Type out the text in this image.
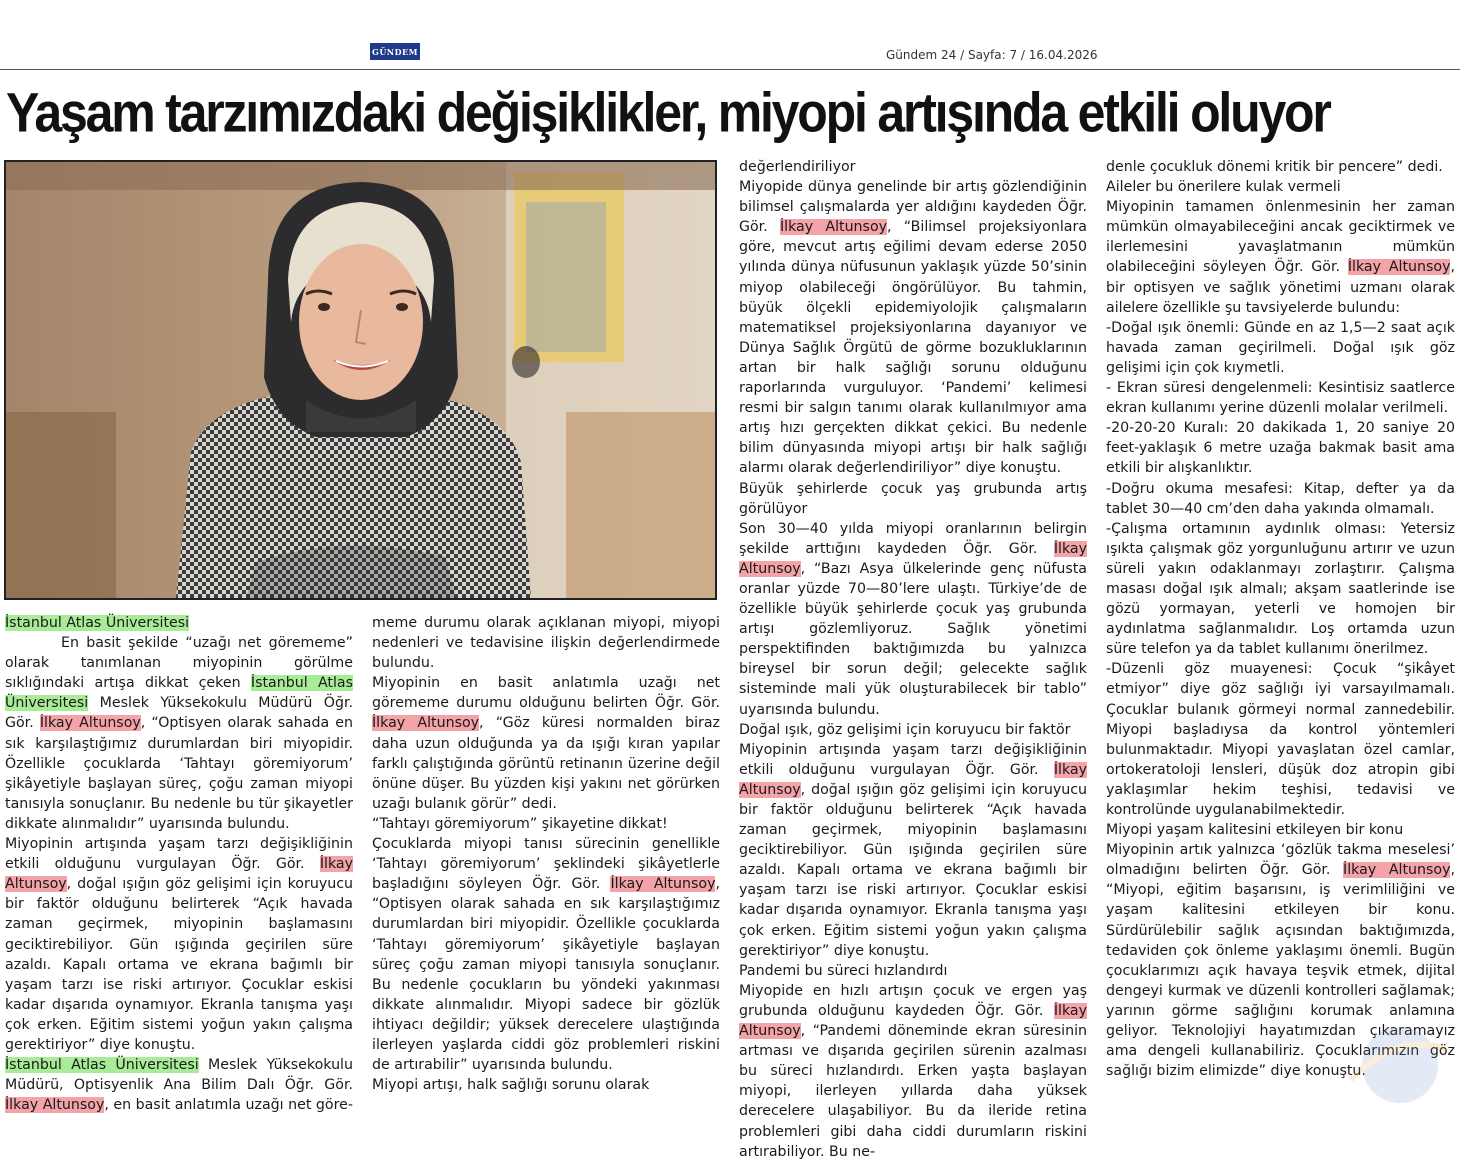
GÜNDEM	Gündem 24 / Sayfa: 7 / 16.04.2026
Yaşam tarzımızdaki değişiklikler, miyopi artışında etkili oluyor

İstanbul Atlas Üniversitesi

En basit şekilde “uzağı net görememe” olarak tanımlanan miyopinin görülme sıklığındaki artışa dikkat çeken İstanbul Atlas Üniversitesi Meslek Yüksekokulu Müdürü Öğr. Gör. İlkay Altunsoy, “Optisyen olarak sahada en sık karşılaştığımız durumlardan biri miyopidir. Özellikle çocuklarda ‘Tahtayı göremiyorum’ şikâyetiyle başlayan süreç, çoğu zaman miyopi tanısıyla sonuçlanır. Bu nedenle bu tür şikayetler dikkate alınmalıdır” uyarısında bulundu.

Miyopinin artışında yaşam tarzı değişikliğinin etkili olduğunu vurgulayan Öğr. Gör. İlkay Altunsoy, doğal ışığın göz gelişimi için koruyucu bir faktör olduğunu belirterek “Açık havada zaman geçirmek, miyopinin başlamasını geciktirebiliyor. Gün ışığında geçirilen süre azaldı. Kapalı ortama ve ekrana bağımlı bir yaşam tarzı ise riski artırıyor. Çocuklar eskisi kadar dışarıda oynamıyor. Ekranla tanışma yaşı çok erken. Eğitim sistemi yoğun yakın çalışma gerektiriyor” diye konuştu.

İstanbul Atlas Üniversitesi Meslek Yüksekokulu Müdürü, Optisyenlik Ana Bilim Dalı Öğr. Gör. İlkay Altunsoy, en basit anlatımla uzağı net göre-

meme durumu olarak açıklanan miyopi, miyopi nedenleri ve tedavisine ilişkin değerlendirmede bulundu.

Miyopinin en basit anlatımla uzağı net görememe durumu olduğunu belirten Öğr. Gör. İlkay Altunsoy, “Göz küresi normalden biraz daha uzun olduğunda ya da ışığı kıran yapılar farklı çalıştığında görüntü retinanın üzerine değil önüne düşer. Bu yüzden kişi yakını net görürken uzağı bulanık görür” dedi.

“Tahtayı göremiyorum” şikayetine dikkat!

Çocuklarda miyopi tanısı sürecinin genellikle ‘Tahtayı göremiyorum’ şeklindeki şikâyetlerle başladığını söyleyen Öğr. Gör. İlkay Altunsoy, “Optisyen olarak sahada en sık karşılaştığımız durumlardan biri miyopidir. Özellikle çocuklarda ‘Tahtayı göremiyorum’ şikâyetiyle başlayan süreç çoğu zaman miyopi tanısıyla sonuçlanır. Bu nedenle çocukların bu yöndeki yakınması dikkate alınmalıdır. Miyopi sadece bir gözlük ihtiyacı değildir; yüksek derecelere ulaştığında ilerleyen yaşlarda ciddi göz problemleri riskini de artırabilir” uyarısında bulundu.

Miyopi artışı, halk sağlığı sorunu olarak

değerlendiriliyor

Miyopide dünya genelinde bir artış gözlendiğinin bilimsel çalışmalarda yer aldığını kaydeden Öğr. Gör. İlkay Altunsoy, “Bilimsel projeksiyonlara göre, mevcut artış eğilimi devam ederse 2050 yılında dünya nüfusunun yaklaşık yüzde 50’sinin miyop olabileceği öngörülüyor. Bu tahmin, büyük ölçekli epidemiyolojik çalışmaların matematiksel projeksiyonlarına dayanıyor ve Dünya Sağlık Örgütü de görme bozukluklarının artan bir halk sağlığı sorunu olduğunu raporlarında vurguluyor. ‘Pandemi’ kelimesi resmi bir salgın tanımı olarak kullanılmıyor ama artış hızı gerçekten dikkat çekici. Bu nedenle bilim dünyasında miyopi artışı bir halk sağlığı alarmı olarak değerlendiriliyor” diye konuştu.

Büyük şehirlerde çocuk yaş grubunda artış görülüyor

Son 30—40 yılda miyopi oranlarının belirgin şekilde arttığını kaydeden Öğr. Gör. İlkay Altunsoy, “Bazı Asya ülkelerinde genç nüfusta oranlar yüzde 70—80’lere ulaştı. Türkiye’de de özellikle büyük şehirlerde çocuk yaş grubunda artışı gözlemliyoruz. Sağlık yönetimi perspektifinden baktığımızda bu yalnızca bireysel bir sorun değil; gelecekte sağlık sisteminde mali yük oluşturabilecek bir tablo” uyarısında bulundu.

Doğal ışık, göz gelişimi için koruyucu bir faktör

Miyopinin artışında yaşam tarzı değişikliğinin etkili olduğunu vurgulayan Öğr. Gör. İlkay Altunsoy, doğal ışığın göz gelişimi için koruyucu bir faktör olduğunu belirterek “Açık havada zaman geçirmek, miyopinin başlamasını geciktirebiliyor. Gün ışığında geçirilen süre azaldı. Kapalı ortama ve ekrana bağımlı bir yaşam tarzı ise riski artırıyor. Çocuklar eskisi kadar dışarıda oynamıyor. Ekranla tanışma yaşı çok erken. Eğitim sistemi yoğun yakın çalışma gerektiriyor” diye konuştu.

Pandemi bu süreci hızlandırdı

Miyopide en hızlı artışın çocuk ve ergen yaş grubunda olduğunu kaydeden Öğr. Gör. İlkay Altunsoy, “Pandemi döneminde ekran süresinin artması ve dışarıda geçirilen sürenin azalması bu süreci hızlandırdı. Erken yaşta başlayan miyopi, ilerleyen yıllarda daha yüksek derecelere ulaşabiliyor. Bu da ileride retina problemleri gibi daha ciddi durumların riskini artırabiliyor. Bu ne-

denle çocukluk dönemi kritik bir pencere” dedi.

Aileler bu önerilere kulak vermeli

Miyopinin tamamen önlenmesinin her zaman mümkün olmayabileceğini ancak geciktirmek ve ilerlemesini yavaşlatmanın mümkün olabileceğini söyleyen Öğr. Gör. İlkay Altunsoy, bir optisyen ve sağlık yönetimi uzmanı olarak ailelere özellikle şu tavsiyelerde bulundu:

-Doğal ışık önemli: Günde en az 1,5—2 saat açık havada zaman geçirilmeli. Doğal ışık göz gelişimi için çok kıymetli.

- Ekran süresi dengelenmeli: Kesintisiz saatlerce ekran kullanımı yerine düzenli molalar verilmeli.

-20-20-20 Kuralı: 20 dakikada 1, 20 saniye 20 feet-yaklaşık 6 metre uzağa bakmak basit ama etkili bir alışkanlıktır.

-Doğru okuma mesafesi: Kitap, defter ya da tablet 30—40 cm’den daha yakında olmamalı.

-Çalışma ortamının aydınlık olması: Yetersiz ışıkta çalışmak göz yorgunluğunu artırır ve uzun süreli yakın odaklanmayı zorlaştırır. Çalışma masası doğal ışık almalı; akşam saatlerinde ise gözü yormayan, yeterli ve homojen bir aydınlatma sağlanmalıdır. Loş ortamda uzun süre telefon ya da tablet kullanımı önerilmez.

-Düzenli göz muayenesi: Çocuk “şikâyet etmiyor” diye göz sağlığı iyi varsayılmamalı. Çocuklar bulanık görmeyi normal zannedebilir. Miyopi başladıysa da kontrol yöntemleri bulunmaktadır. Miyopi yavaşlatan özel camlar, ortokeratoloji lensleri, düşük doz atropin gibi yaklaşımlar hekim teşhisi, tedavisi ve kontrolünde uygulanabilmektedir.

Miyopi yaşam kalitesini etkileyen bir konu

Miyopinin artık yalnızca ‘gözlük takma meselesi’ olmadığını belirten Öğr. Gör. İlkay Altunsoy, “Miyopi, eğitim başarısını, iş verimliliğini ve yaşam kalitesini etkileyen bir konu. Sürdürülebilir sağlık açısından baktığımızda, tedaviden çok önleme yaklaşımı önemli. Bugün çocuklarımızı açık havaya teşvik etmek, dijital dengeyi kurmak ve düzenli kontrolleri sağlamak; yarının görme sağlığını korumak anlamına geliyor. Teknolojiyi hayatımızdan çıkaramayız ama dengeli kullanabiliriz. Çocuklarımızın göz sağlığı bizim elimizde” diye konuştu.
